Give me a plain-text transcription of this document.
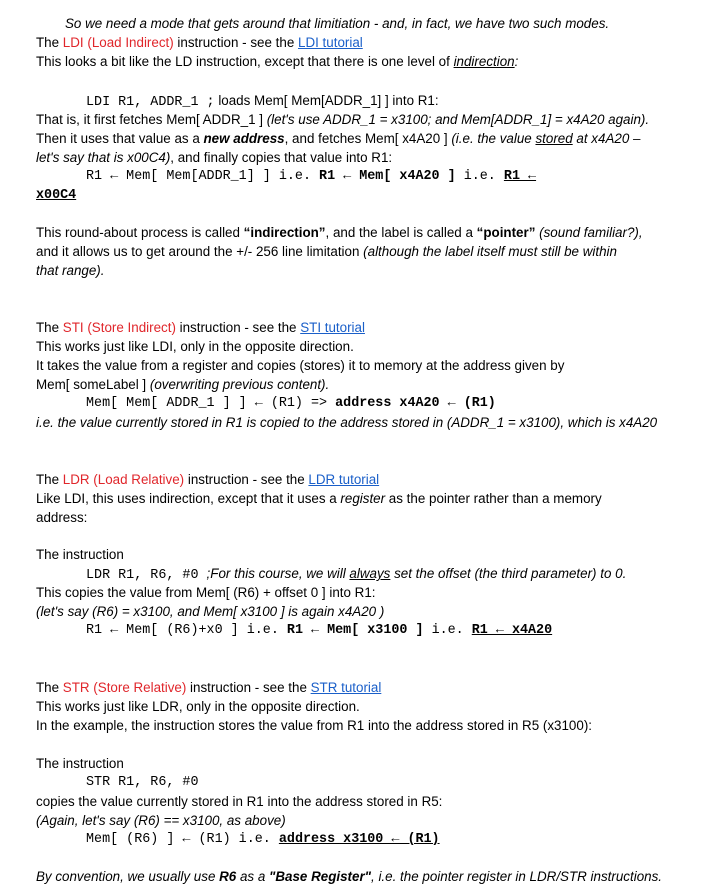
So we need a mode that gets around that limitiation - and, in fact, we have two such modes.
The LDI (Load Indirect) instruction - see the LDI tutorial
This looks a bit like the LD instruction, except that there is one level of indirection:
LDI R1, ADDR_1 ; loads Mem[ Mem[ADDR_1] ] into R1:
That is, it first fetches Mem[ ADDR_1 ] (let's use ADDR_1 = x3100; and Mem[ADDR_1] = x4A20 again).
Then it uses that value as a new address, and fetches Mem[ x4A20 ] (i.e. the value stored at x4A20 –
let's say that is x00C4), and finally copies that value into R1:
R1 ← Mem[ Mem[ADDR_1] ] i.e. R1 ← Mem[ x4A20 ] i.e. R1 ←
x00C4
This round-about process is called “indirection”, and the label is called a “pointer” (sound familiar?),
and it allows us to get around the +/- 256 line limitation (although the label itself must still be within
that range).
The STI (Store Indirect) instruction - see the STI tutorial
This works just like LDI, only in the opposite direction.
It takes the value from a register and copies (stores) it to memory at the address given by
Mem[ someLabel ] (overwriting previous content).
Mem[ Mem[ ADDR_1 ] ] ← (R1) => address x4A20 ← (R1)
i.e. the value currently stored in R1 is copied to the address stored in (ADDR_1 = x3100), which is x4A20
The LDR (Load Relative) instruction - see the LDR tutorial
Like LDI, this uses indirection, except that it uses a register as the pointer rather than a memory
address:
The instruction
LDR R1, R6, #0 ;For this course, we will always set the offset (the third parameter) to 0.
This copies the value from Mem[ (R6) + offset 0 ] into R1:
(let's say (R6) = x3100, and Mem[ x3100 ] is again x4A20 )
R1 ← Mem[ (R6)+x0 ] i.e. R1 ← Mem[ x3100 ] i.e. R1 ← x4A20
The STR (Store Relative) instruction - see the STR tutorial
This works just like LDR, only in the opposite direction.
In the example, the instruction stores the value from R1 into the address stored in R5 (x3100):
The instruction
STR R1, R6, #0
copies the value currently stored in R1 into the address stored in R5:
(Again, let's say (R6) == x3100, as above)
Mem[ (R6) ] ← (R1) i.e. address x3100 ← (R1)
By convention, we usually use R6 as a "Base Register", i.e. the pointer register in LDR/STR instructions.
